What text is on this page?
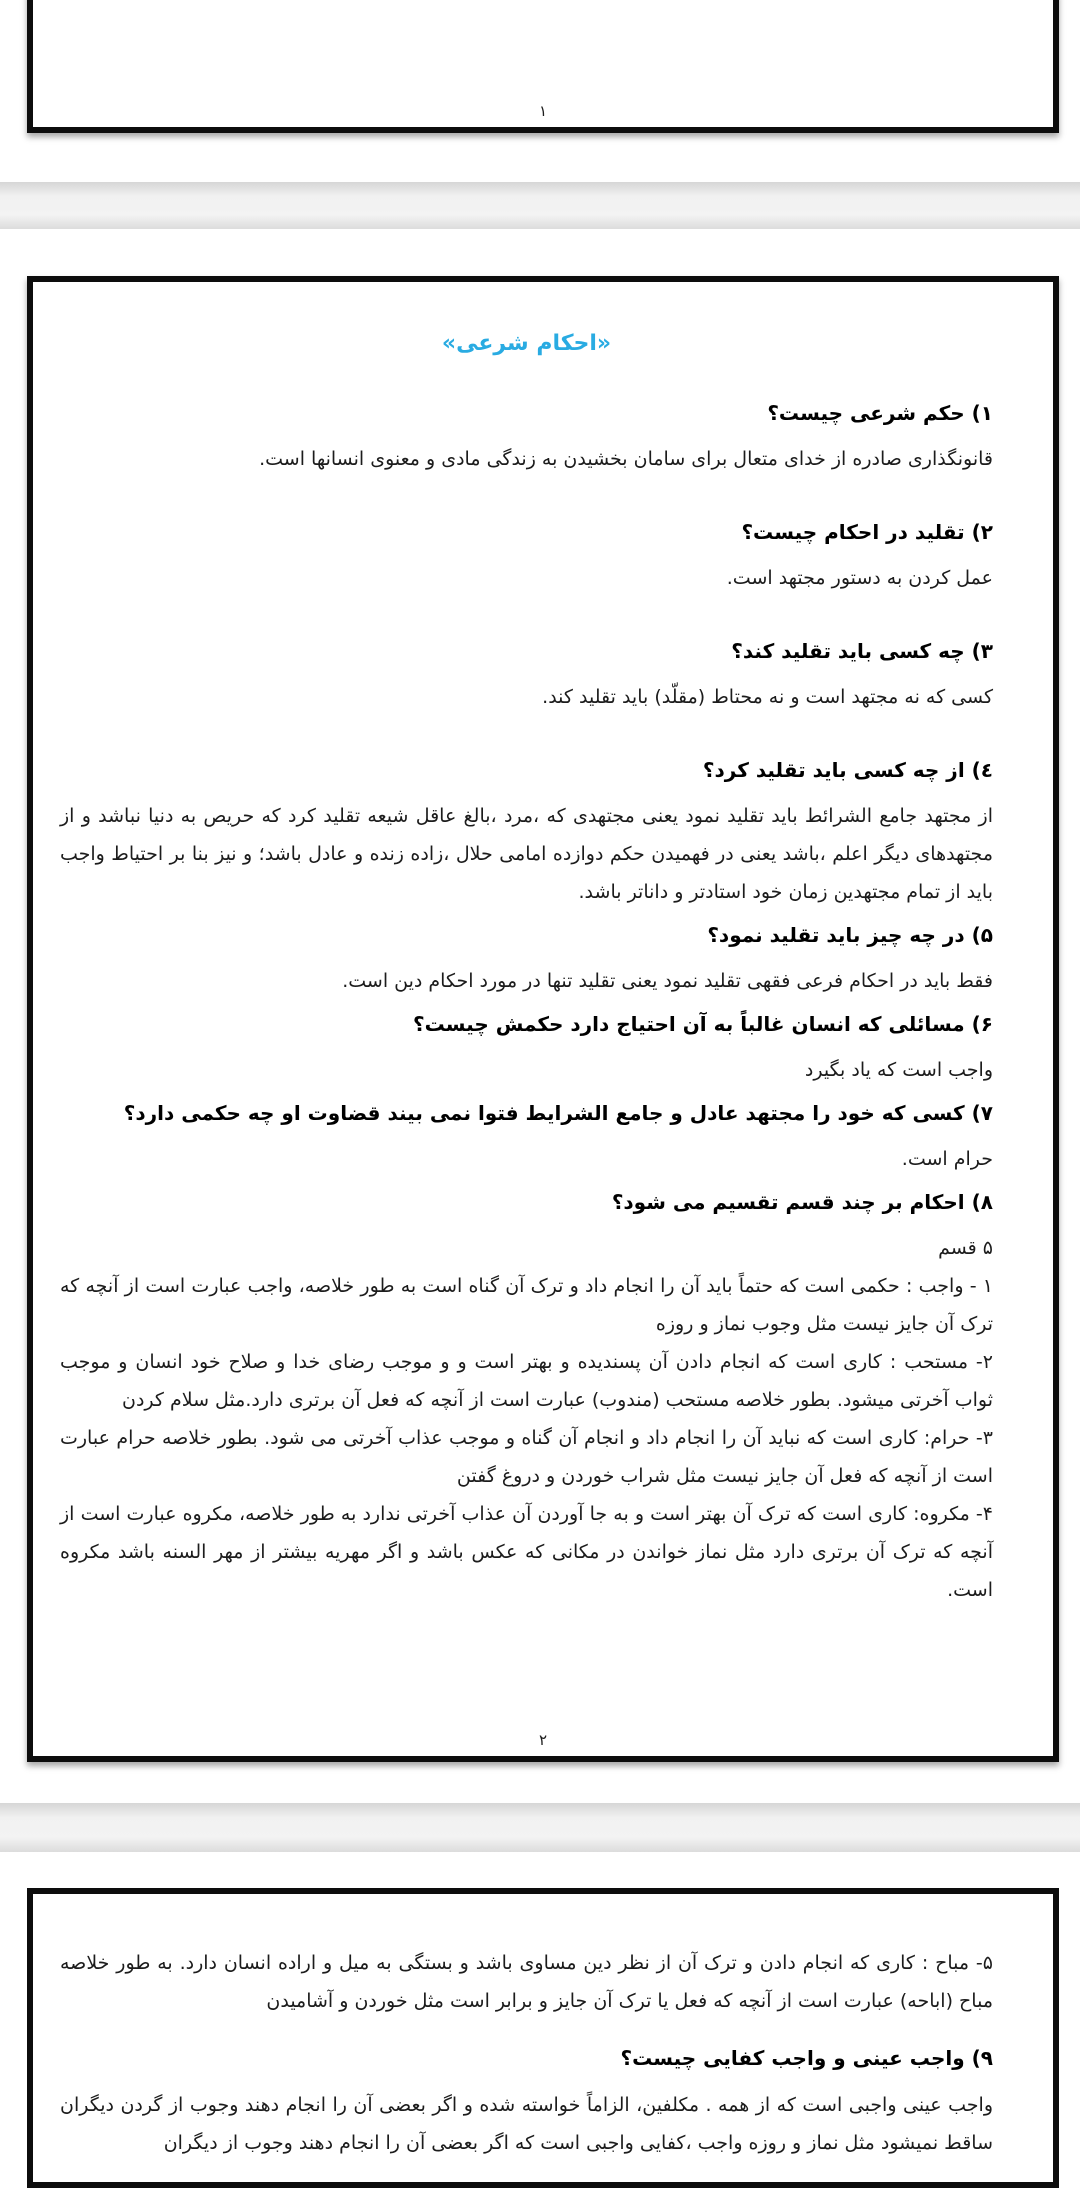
۱
«احکام شرعی»
۱) حکم شرعی چیست؟

قانونگذاری صادره از خدای متعال برای سامان بخشیدن به زندگی مادی و معنوی انسانها است.

۲) تقلید در احکام چیست؟

عمل کردن به دستور مجتهد است.

۳) چه کسی باید تقلید کند؟

کسی که نه مجتهد است و نه محتاط (مقلّد) باید تقلید کند.

٤) از چه کسی باید تقلید کرد؟

از مجتهد جامع الشرائط باید تقلید نمود یعنی مجتهدی که ،مرد ،بالغ عاقل شیعه تقلید کرد که حریص به دنیا نباشد و از مجتهدهای دیگر اعلم ،باشد یعنی در فهمیدن حکم دوازده امامی حلال ،زاده زنده و عادل باشد؛ و نیز بنا بر احتیاط واجب باید از تمام مجتهدین زمان خود استادتر و داناتر باشد.

۵) در چه چیز باید تقلید نمود؟

فقط باید در احکام فرعی فقهی تقلید نمود یعنی تقلید تنها در مورد احکام دین است.

۶) مسائلی که انسان غالباً به آن احتیاج دارد حکمش چیست؟

واجب است که یاد بگیرد

۷) کسی که خود را مجتهد عادل و جامع الشرایط فتوا نمی بیند قضاوت او چه حکمی دارد؟

حرام است.

۸) احکام بر چند قسم تقسیم می شود؟

۵ قسم

۱ - واجب : حکمی است که حتماً باید آن را انجام داد و ترک آن گناه است به طور خلاصه، واجب عبارت است از آنچه که ترک آن جایز نیست مثل وجوب نماز و روزه

۲- مستحب : کاری است که انجام دادن آن پسندیده و بهتر است و و موجب رضای خدا و صلاح خود انسان و موجب ثواب آخرتی میشود. بطور خلاصه مستحب (مندوب) عبارت است از آنچه که فعل آن برتری دارد.مثل سلام کردن

۳- حرام: کاری است که نباید آن را انجام داد و انجام آن گناه و موجب عذاب آخرتی می شود. بطور خلاصه حرام عبارت است از آنچه که فعل آن جایز نیست مثل شراب خوردن و دروغ گفتن

۴- مکروه: کاری است که ترک آن بهتر است و به جا آوردن آن عذاب آخرتی ندارد به طور خلاصه، مکروه عبارت است از آنچه که ترک آن برتری دارد مثل نماز خواندن در مکانی که عکس باشد و اگر مهریه بیشتر از مهر السنه باشد مکروه است.

۲

۵- مباح : کاری که انجام دادن و ترک آن از نظر دین مساوی باشد و بستگی به میل و اراده انسان دارد. به طور خلاصه مباح (اباحه) عبارت است از آنچه که فعل یا ترک آن جایز و برابر است مثل خوردن و آشامیدن

۹) واجب عینی و واجب کفایی چیست؟

واجب عینی واجبی است که از همه . مکلفین، الزاماً خواسته شده و اگر بعضی آن را انجام دهند وجوب از گردن دیگران ساقط نمیشود مثل نماز و روزه واجب ،کفایی واجبی است که اگر بعضی آن را انجام دهند وجوب از دیگران
